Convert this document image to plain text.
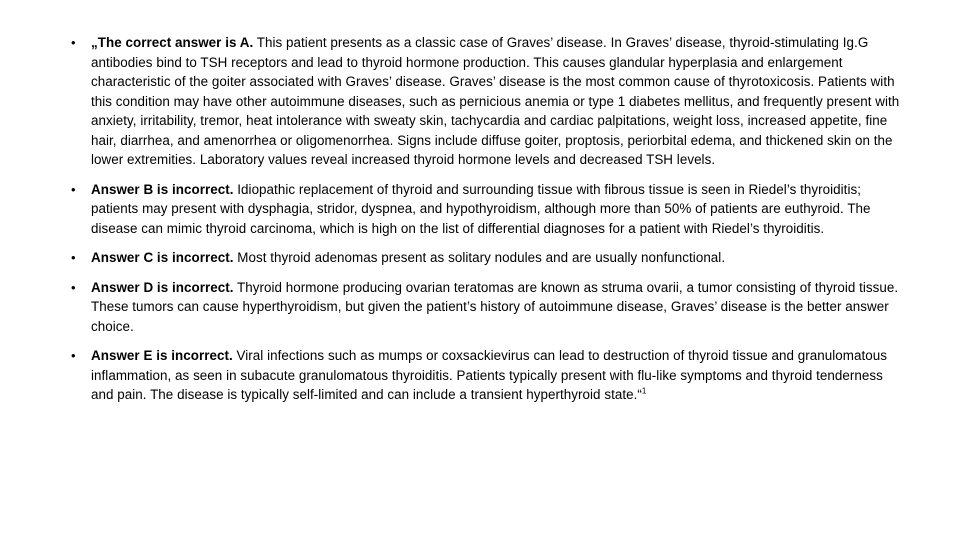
• „The correct answer is A. This patient presents as a classic case of Graves’ disease. In Graves’ disease, thyroid-stimulating Ig.G antibodies bind to TSH receptors and lead to thyroid hormone production. This causes glandular hyperplasia and enlargement characteristic of the goiter associated with Graves’ disease. Graves’ disease is the most common cause of thyrotoxicosis. Patients with this condition may have other autoimmune diseases, such as pernicious anemia or type 1 diabetes mellitus, and frequently present with anxiety, irritability, tremor, heat intolerance with sweaty skin, tachycardia and cardiac palpitations, weight loss, increased appetite, fine hair, diarrhea, and amenorrhea or oligomenorrhea. Signs include diffuse goiter, proptosis, periorbital edema, and thickened skin on the lower extremities. Laboratory values reveal increased thyroid hormone levels and decreased TSH levels.
• Answer B is incorrect. Idiopathic replacement of thyroid and surrounding tissue with fibrous tissue is seen in Riedel’s thyroiditis; patients may present with dysphagia, stridor, dyspnea, and hypothyroidism, although more than 50% of patients are euthyroid. The disease can mimic thyroid carcinoma, which is high on the list of differential diagnoses for a patient with Riedel’s thyroiditis.
• Answer C is incorrect. Most thyroid adenomas present as solitary nodules and are usually nonfunctional.
• Answer D is incorrect. Thyroid hormone producing ovarian teratomas are known as struma ovarii, a tumor consisting of thyroid tissue. These tumors can cause hyperthyroidism, but given the patient’s history of autoimmune disease, Graves’ disease is the better answer choice.
• Answer E is incorrect. Viral infections such as mumps or coxsackievirus can lead to destruction of thyroid tissue and granulomatous inflammation, as seen in subacute granulomatous thyroiditis. Patients typically present with flu-like symptoms and thyroid tenderness and pain. The disease is typically self-limited and can include a transient hyperthyroid state.“$^1$
